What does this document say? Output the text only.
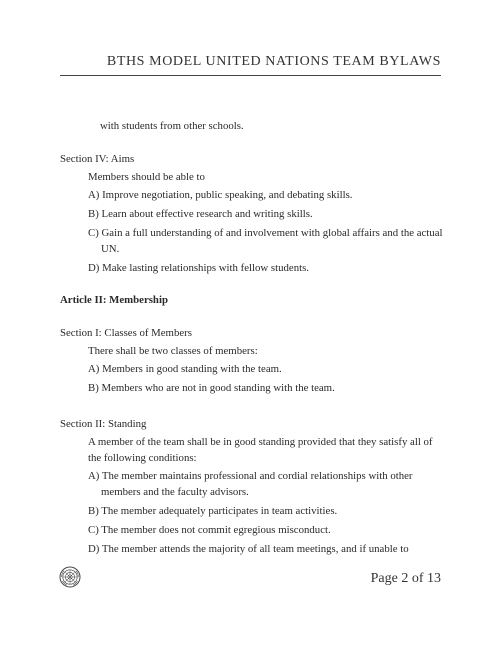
BTHS MODEL UNITED NATIONS TEAM BYLAWS

with students from other schools.

Section IV: Aims

Members should be able to

A) Improve negotiation, public speaking, and debating skills.

B) Learn about effective research and writing skills.

C) Gain a full understanding of and involvement with global affairs and the actual UN.

D) Make lasting relationships with fellow students.

Article II: Membership

Section I: Classes of Members

There shall be two classes of members:

A) Members in good standing with the team.

B) Members who are not in good standing with the team.

Section II: Standing

A member of the team shall be in good standing provided that they satisfy all of the following conditions:

A) The member maintains professional and cordial relationships with other members and the faculty advisors.

B) The member adequately participates in team activities.

C) The member does not commit egregious misconduct.

D) The member attends the majority of all team meetings, and if unable to

Page 2 of 13
